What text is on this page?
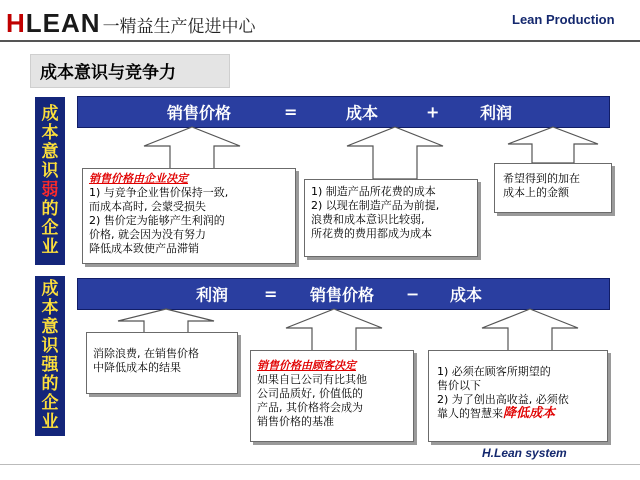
HLEAN 一精益生产促进中心	Lean Production
成本意识与竞争力
成本意识弱的企业
销售价格	=	成本	+	利润

销售价格由企业决定

1) 与竞争企业售价保持一致,

而成本高时, 会蒙受损失

2) 售价定为能够产生利润的

价格, 就会因为没有努力

降低成本致使产品滞销

1) 制造产品所花费的成本

2) 以现在制造产品为前提,

浪费和成本意识比较弱,

所花费的费用都成为成本

希望得到的加在

成本上的金额

成本意识强的企业
利润 = 销售价格 − 成本

消除浪费, 在销售价格

中降低成本的结果	销售价格由顾客决定

如果自已公司有比其他

公司品质好, 价值低的

产品, 其价格将会成为

销售价格的基准

1) 必须在顾客所期望的

售价以下

2) 为了创出高收益, 必须依

靠人的智慧来降低成本

H.Lean system
